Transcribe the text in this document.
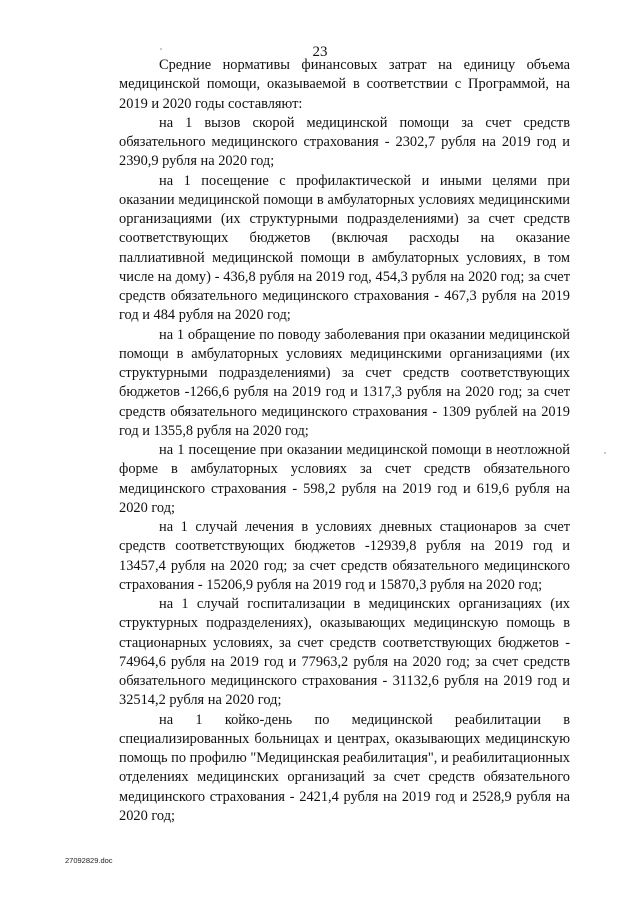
23

Средние нормативы финансовых затрат на единицу объема медицинской помощи, оказываемой в соответствии с Программой, на 2019 и 2020 годы составляют:

на 1 вызов скорой медицинской помощи за счет средств обязательного медицинского страхования - 2302,7 рубля на 2019 год и 2390,9 рубля на 2020 год;

на 1 посещение с профилактической и иными целями при оказании медицинской помощи в амбулаторных условиях медицинскими организациями (их структурными подразделениями) за счет средств соответствующих бюджетов (включая расходы на оказание паллиативной медицинской помощи в амбулаторных условиях, в том числе на дому) - 436,8 рубля на 2019 год, 454,3 рубля на 2020 год; за счет средств обязательного медицинского страхования - 467,3 рубля на 2019 год и 484 рубля на 2020 год;

на 1 обращение по поводу заболевания при оказании медицинской помощи в амбулаторных условиях медицинскими организациями (их структурными подразделениями) за счет средств соответствующих бюджетов -1266,6 рубля на 2019 год и 1317,3 рубля на 2020 год; за счет средств обязательного медицинского страхования - 1309 рублей на 2019 год и 1355,8 рубля на 2020 год;

на 1 посещение при оказании медицинской помощи в неотложной форме в амбулаторных условиях за счет средств обязательного медицинского страхования - 598,2 рубля на 2019 год и 619,6 рубля на 2020 год;

на 1 случай лечения в условиях дневных стационаров за счет средств соответствующих бюджетов -12939,8 рубля на 2019 год и 13457,4 рубля на 2020 год; за счет средств обязательного медицинского страхования - 15206,9 рубля на 2019 год и 15870,3 рубля на 2020 год;

на 1 случай госпитализации в медицинских организациях (их структурных подразделениях), оказывающих медицинскую помощь в стационарных условиях, за счет средств соответствующих бюджетов - 74964,6 рубля на 2019 год и 77963,2 рубля на 2020 год; за счет средств обязательного медицинского страхования - 31132,6 рубля на 2019 год и 32514,2 рубля на 2020 год;

на 1 койко-день по медицинской реабилитации в специализированных больницах и центрах, оказывающих медицинскую помощь по профилю "Медицинская реабилитация", и реабилитационных отделениях медицинских организаций за счет средств обязательного медицинского страхования - 2421,4 рубля на 2019 год и 2528,9 рубля на 2020 год;

27092829.doc
